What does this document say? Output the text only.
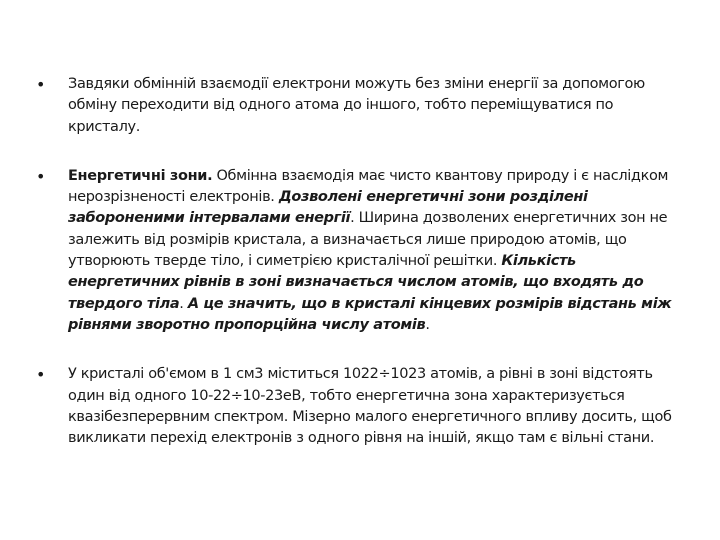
•	Завдяки обмінній взаємодії електрони можуть без зміни енергії за допомогою обміну переходити від одного атома до іншого, тобто переміщуватися по кристалу.
•	Енергетичні зони. Обмінна взаємодія має чисто квантову природу і є наслідком нерозрізненості електронів. Дозволені енергетичні зони розділені забороненими інтервалами енергії. Ширина дозволених енергетичних зон не залежить від розмірів кристала, а визначається лише природою атомів, що утворюють тверде тіло, і симетрією кристалічної решітки. Кількість енергетичних рівнів в зоні визначається числом атомів, що входять до твердого тіла. А це значить, що в кристалі кінцевих розмірів відстань між рівнями зворотно пропорційна числу атомів.
•	У кристалі об'ємом в 1 см3 міститься 1022÷1023 атомів, а рівні в зоні відстоять один від одного 10-22÷10-23еВ, тобто енергетична зона характеризується квазібезперервним спектром. Мізерно малого енергетичного впливу досить, щоб викликати перехід електронів з одного рівня на іншій, якщо там є вільні стани.
